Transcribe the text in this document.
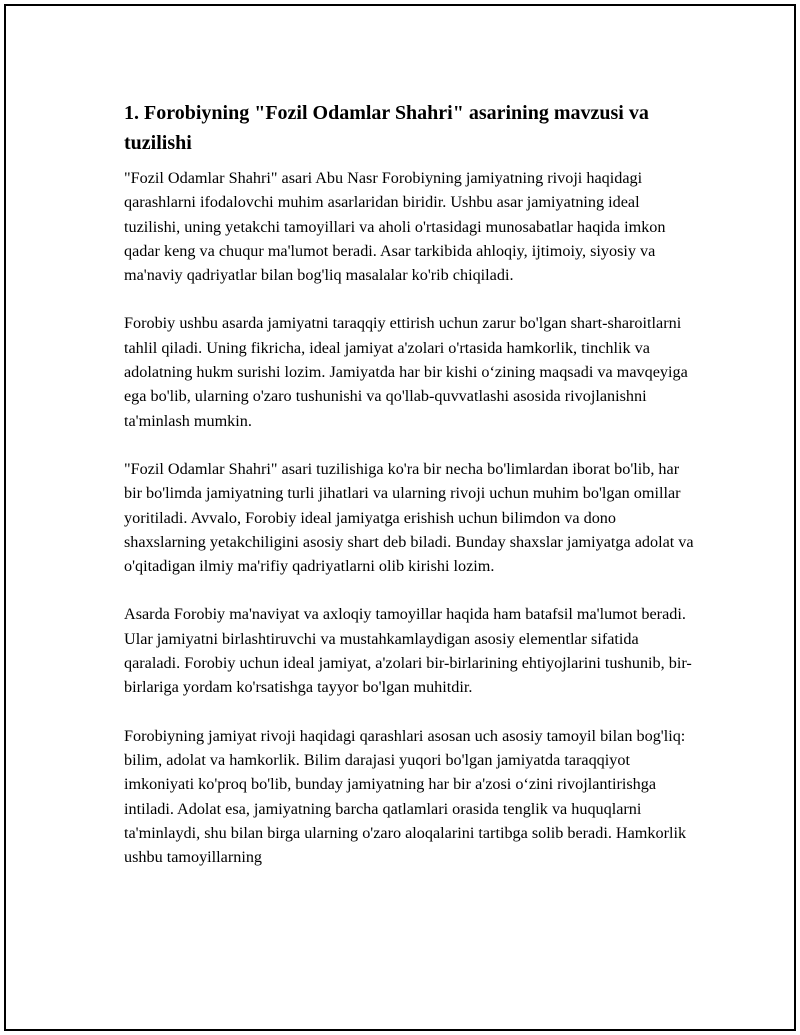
1. Forobiyning "Fozil Odamlar Shahri" asarining mavzusi va tuzilishi

"Fozil Odamlar Shahri" asari Abu Nasr Forobiyning jamiyatning rivoji haqidagi qarashlarni ifodalovchi muhim asarlaridan biridir. Ushbu asar jamiyatning ideal tuzilishi, uning yetakchi tamoyillari va aholi o'rtasidagi munosabatlar haqida imkon qadar keng va chuqur ma'lumot beradi. Asar tarkibida ahloqiy, ijtimoiy, siyosiy va ma'naviy qadriyatlar bilan bog'liq masalalar ko'rib chiqiladi.

Forobiy ushbu asarda jamiyatni taraqqiy ettirish uchun zarur bo'lgan shart-sharoitlarni tahlil qiladi. Uning fikricha, ideal jamiyat a'zolari o'rtasida hamkorlik, tinchlik va adolatning hukm surishi lozim. Jamiyatda har bir kishi o‘zining maqsadi va mavqeyiga ega bo'lib, ularning o'zaro tushunishi va qo'llab-quvvatlashi asosida rivojlanishni ta'minlash mumkin.

"Fozil Odamlar Shahri" asari tuzilishiga ko'ra bir necha bo'limlardan iborat bo'lib, har bir bo'limda jamiyatning turli jihatlari va ularning rivoji uchun muhim bo'lgan omillar yoritiladi. Avvalo, Forobiy ideal jamiyatga erishish uchun bilimdon va dono shaxslarning yetakchiligini asosiy shart deb biladi. Bunday shaxslar jamiyatga adolat va o'qitadigan ilmiy ma'rifiy qadriyatlarni olib kirishi lozim.

Asarda Forobiy ma'naviyat va axloqiy tamoyillar haqida ham batafsil ma'lumot beradi. Ular jamiyatni birlashtiruvchi va mustahkamlaydigan asosiy elementlar sifatida qaraladi. Forobiy uchun ideal jamiyat, a'zolari bir-birlarining ehtiyojlarini tushunib, bir-birlariga yordam ko'rsatishga tayyor bo'lgan muhitdir.

Forobiyning jamiyat rivoji haqidagi qarashlari asosan uch asosiy tamoyil bilan bog'liq: bilim, adolat va hamkorlik. Bilim darajasi yuqori bo'lgan jamiyatda taraqqiyot imkoniyati ko'proq bo'lib, bunday jamiyatning har bir a'zosi o‘zini rivojlantirishga intiladi. Adolat esa, jamiyatning barcha qatlamlari orasida tenglik va huquqlarni ta'minlaydi, shu bilan birga ularning o'zaro aloqalarini tartibga solib beradi. Hamkorlik ushbu tamoyillarning
